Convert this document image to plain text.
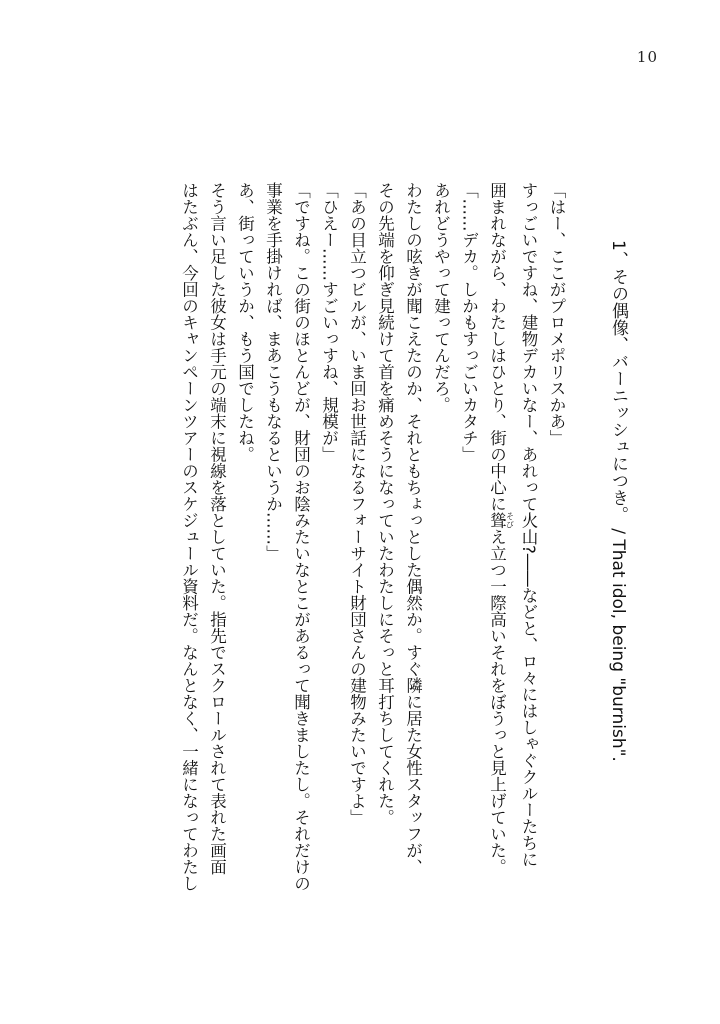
10
1、その偶像、バーニッシュにつき。 / That idol, being "burnish".

「はー、ここがプロメポリスかあ」

すっごいですね、建物デカいなー、あれって火山?――などと、ロ々にはしゃぐクルーたちに

囲まれながら、わたしはひとり、街の中心に聳 そびえ立つ一際高いそれをぼうっと見上げていた。

「……デカ。しかもすっごいカタチ」

あれどうやって建ってんだろ。

わたしの呟きが聞こえたのか、それともちょっとした偶然か。すぐ隣に居た女性スタッフが、

その先端を仰ぎ見続けて首を痛めそうになっていたわたしにそっと耳打ちしてくれた。

「あの目立つビルが、いま回お世話になるフォーサイト財団さんの建物みたいですよ」

「ひえー……すごいっすね、規模が」

「ですね。この街のほとんどが、財団のお陰みたいなとこがあるって聞きましたし。それだけの

事業を手掛ければ、まあこうもなるというか……」

あ、街っていうか、もう国でしたね。

そう言い足した彼女は手元の端末に視線を落としていた。指先でスクロールされて表れた画面

はたぶん、今回のキャンペーンツアーのスケジュール資料だ。なんとなく、一緒になってわたし
